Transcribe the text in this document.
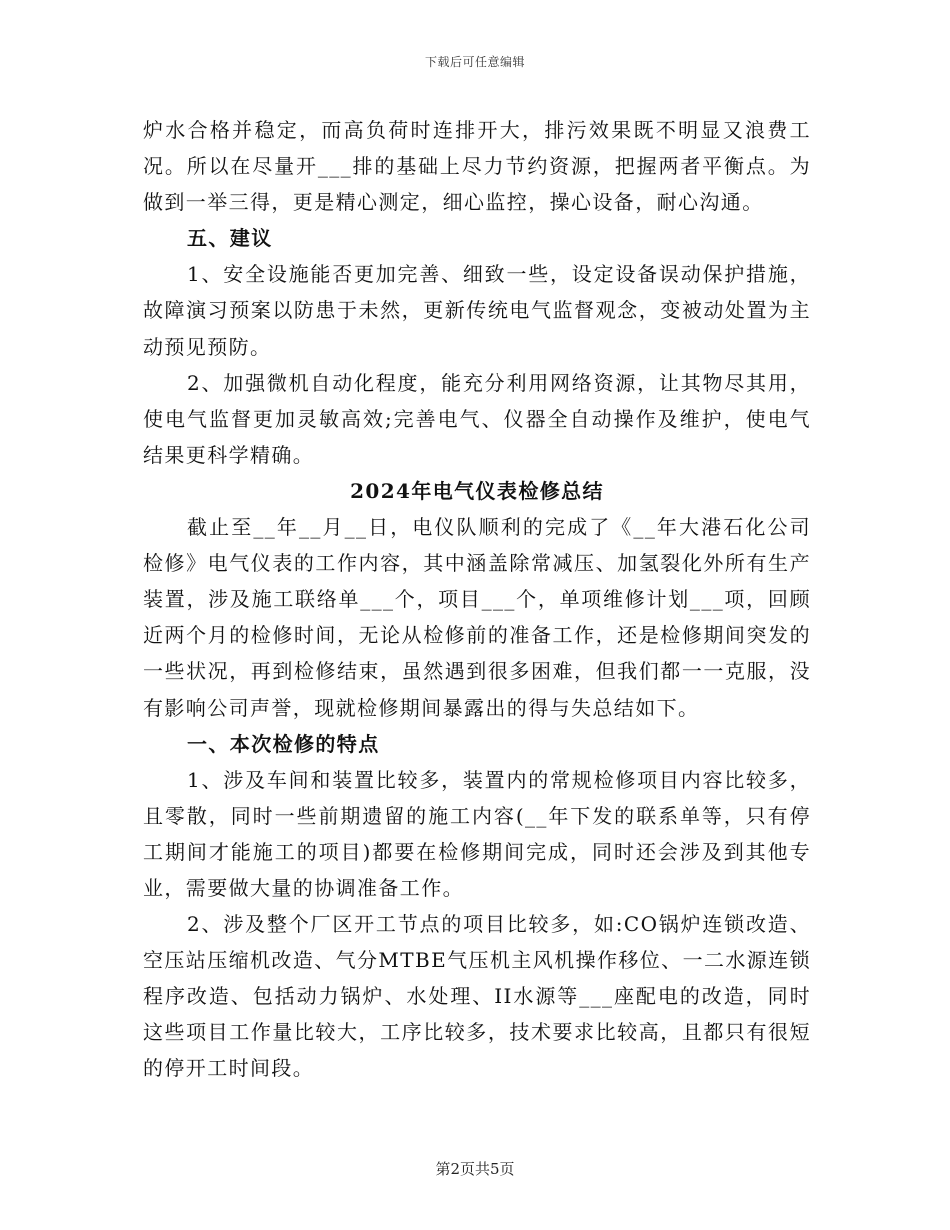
下载后可任意编辑

炉水合格并稳定，而高负荷时连排开大，排污效果既不明显又浪费工况。所以在尽量开___排的基础上尽力节约资源，把握两者平衡点。为做到一举三得，更是精心测定，细心监控，操心设备，耐心沟通。

五、建议

1、安全设施能否更加完善、细致一些，设定设备误动保护措施，故障演习预案以防患于未然，更新传统电气监督观念，变被动处置为主动预见预防。

2、加强微机自动化程度，能充分利用网络资源，让其物尽其用，使电气监督更加灵敏高效;完善电气、仪器全自动操作及维护，使电气结果更科学精确。

2024年电气仪表检修总结

截止至__年__月__日，电仪队顺利的完成了《__年大港石化公司检修》电气仪表的工作内容，其中涵盖除常减压、加氢裂化外所有生产装置，涉及施工联络单___个，项目___个，单项维修计划___项，回顾近两个月的检修时间，无论从检修前的准备工作，还是检修期间突发的一些状况，再到检修结束，虽然遇到很多困难，但我们都一一克服，没有影响公司声誉，现就检修期间暴露出的得与失总结如下。

一、本次检修的特点

1、涉及车间和装置比较多，装置内的常规检修项目内容比较多，且零散，同时一些前期遗留的施工内容(__年下发的联系单等，只有停工期间才能施工的项目)都要在检修期间完成，同时还会涉及到其他专业，需要做大量的协调准备工作。

2、涉及整个厂区开工节点的项目比较多，如:CO锅炉连锁改造、空压站压缩机改造、气分MTBE气压机主风机操作移位、一二水源连锁程序改造、包括动力锅炉、水处理、II水源等___座配电的改造，同时这些项目工作量比较大，工序比较多，技术要求比较高，且都只有很短的停开工时间段。

第2页共5页
